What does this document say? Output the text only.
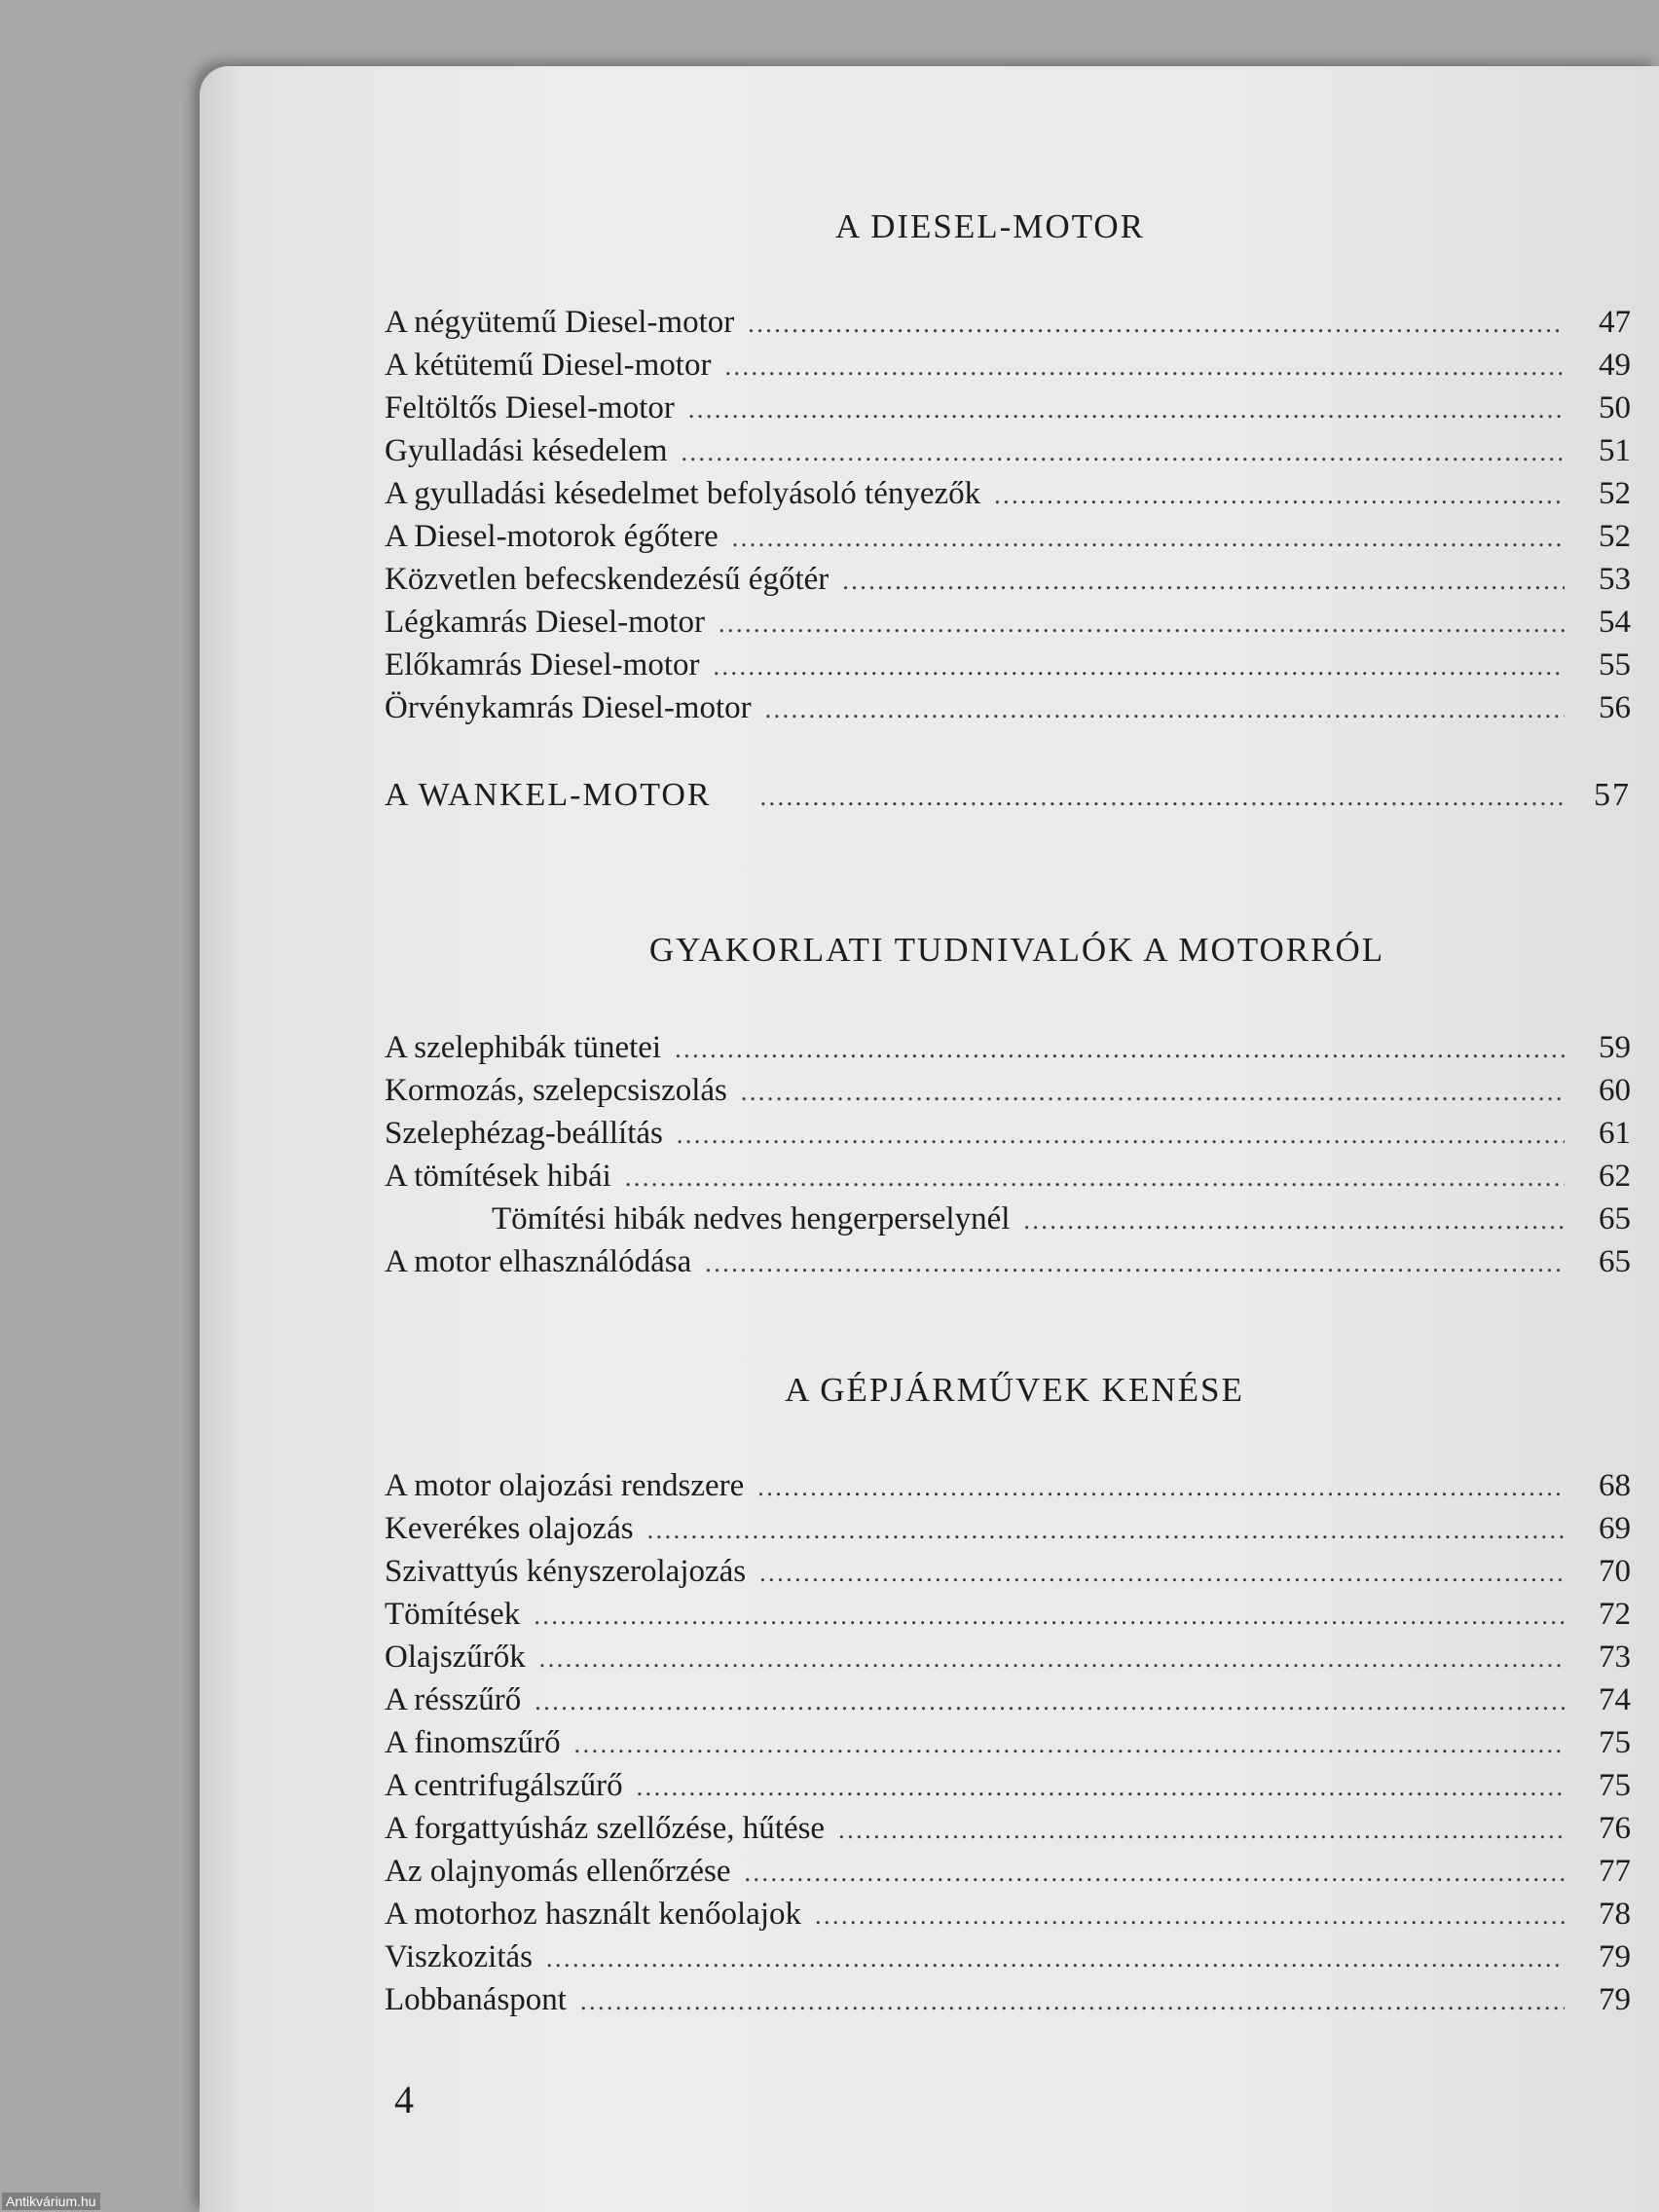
A DIESEL-MOTOR
A négyütemű Diesel-motor . . .	47
A kétütemű Diesel-motor . . .	49
Feltöltős Diesel-motor . . .	50
Gyulladási késedelem . . .	51
A gyulladási késedelmet befolyásoló tényezők . . .	52
A Diesel-motorok égőtere . . .	52
Közvetlen befecskendezésű égőtér . . .	53
Légkamrás Diesel-motor . . .	54
Előkamrás Diesel-motor . . .	55
Örvénykamrás Diesel-motor . . .	56
A WANKEL-MOTOR . . .	57
GYAKORLATI TUDNIVALÓK A MOTORRÓL
A szelephibák tünetei . . .	59
Kormozás, szelepcsiszolás . . .	60
Szelephézag-beállítás . . .	61
A tömítések hibái . . .	62
Tömítési hibák nedves hengerperselynél . . .	65
A motor elhasználódása . . .	65
A GÉPJÁRMŰVEK KENÉSE
A motor olajozási rendszere . . .	68
Keverékes olajozás . . .	69
Szivattyús kényszerolajozás . . .	70
Tömítések . . .	72
Olajszűrők . . .	73
A résszűrő . . .	74
A finomszűrő . . .	75
A centrifugálszűrő . . .	75
A forgattyúsház szellőzése, hűtése . . .	76
Az olajnyomás ellenőrzése . . .	77
A motorhoz használt kenőolajok . . .	78
Viszkozitás . . .	79
Lobbanáspont . . .	79
4
Antikvárium.hu
